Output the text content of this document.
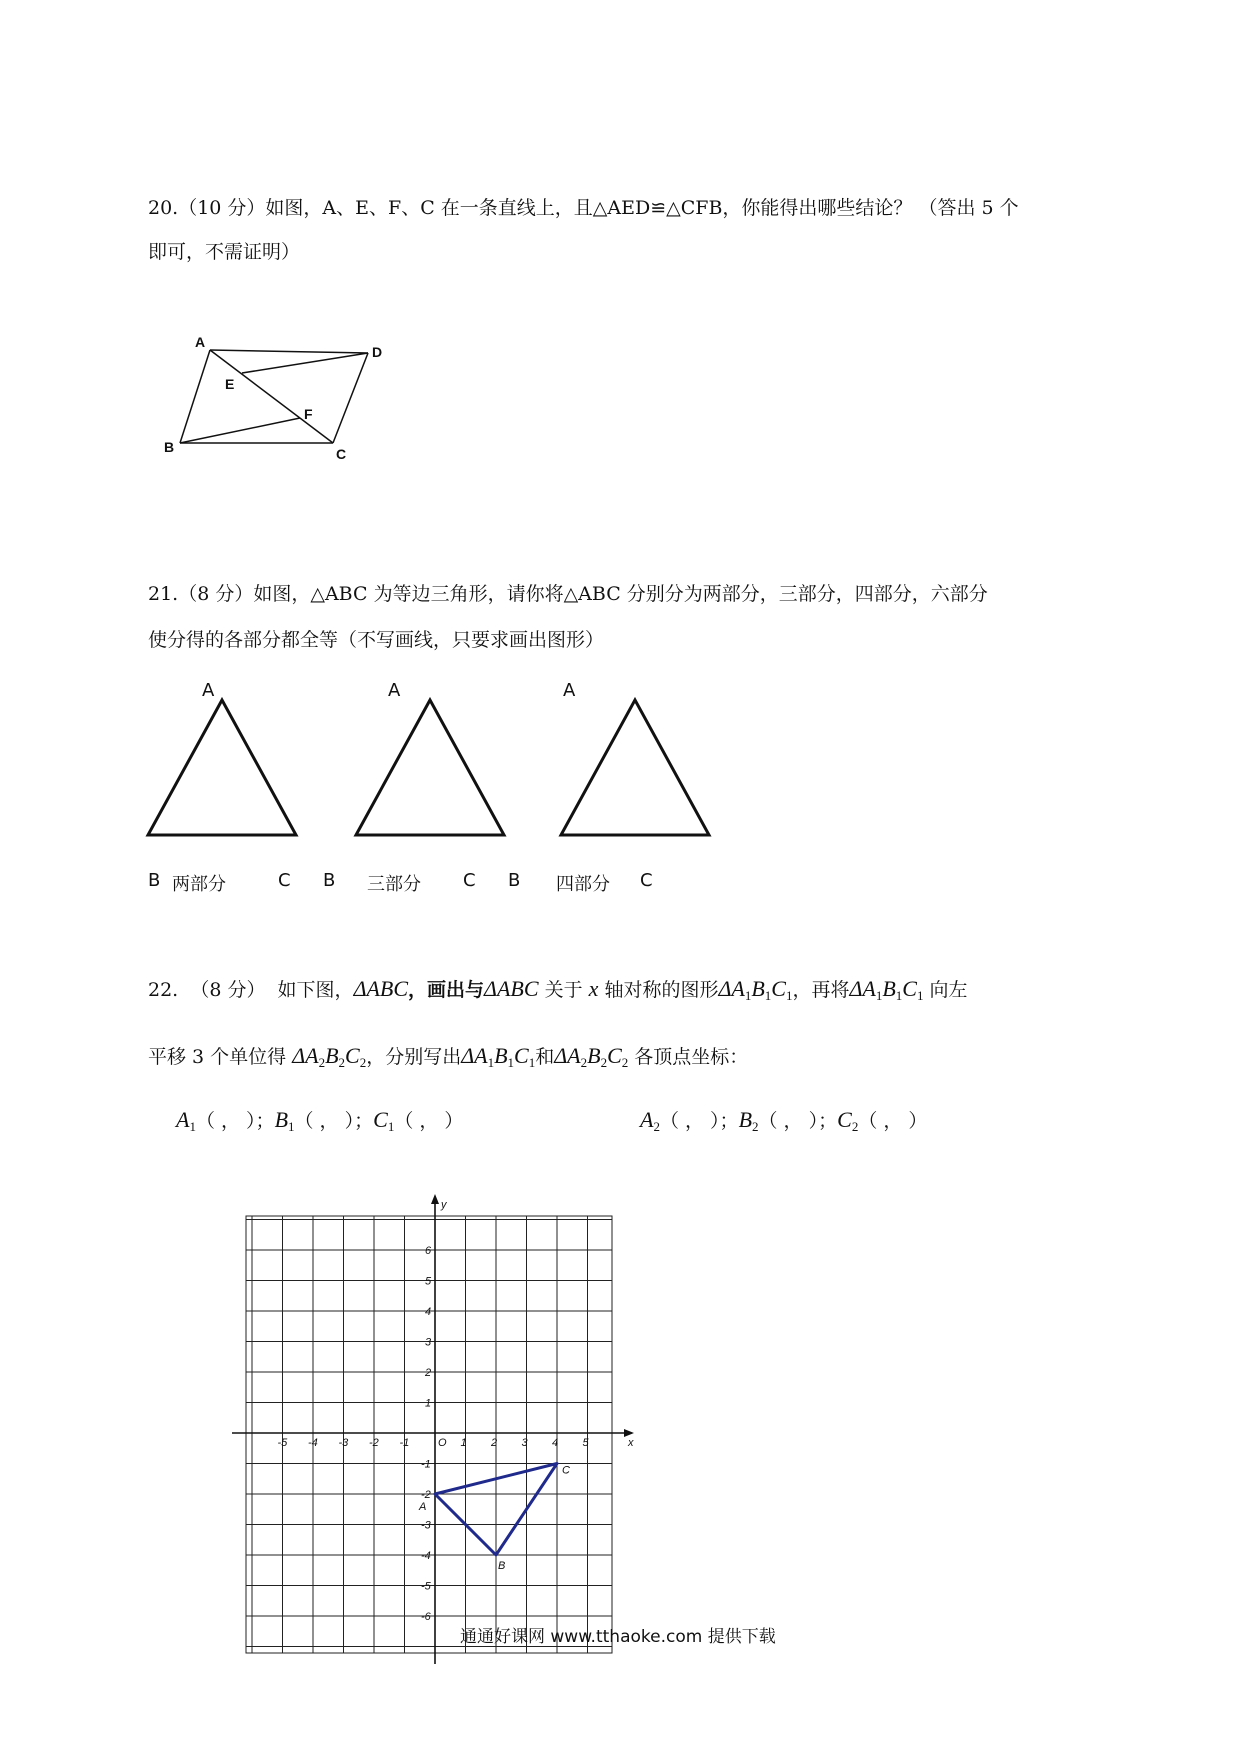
20.（10 分）如图，A、E、F、C 在一条直线上，且△AED≌△CFB，你能得出哪些结论？ （答出 5 个
即可，不需证明）
A
D
E
F
B	C
21.（8 分）如图，△ABC 为等边三角形，请你将△ABC 分别分为两部分，三部分，四部分，六部分
使分得的各部分都全等（不写画线，只要求画出图形）
A	A	A
B 两部分	C B 三部分 C B 四部分 C
22. （8 分） 如下图，ΔABC，画出与ΔABC 关于 x 轴对称的图形$\Delta A_1B_1C_1$，再将$\Delta A_1B_1C_1$ 向左
平移 3 个单位得 $\Delta A_2B_2C_2$，分别写出$\Delta A_1B_1C_1$和$\Delta A_2B_2C_2$ 各顶点坐标：
$A_1$（ ， ）；$B_1$（ ， ）；$C_1$（ ， ）	$A_2$（ ， ）；$B_2$（ ， ）；$C_2$（ ， ）
x
y
O
-5 -4 -3 -2 -1	1 2 3 4 5
6
5
4
3
2
1
-1
-2
-3
-4
-5
-6
A
B
C
通通好课网 www.tthaoke.com 提供下载
